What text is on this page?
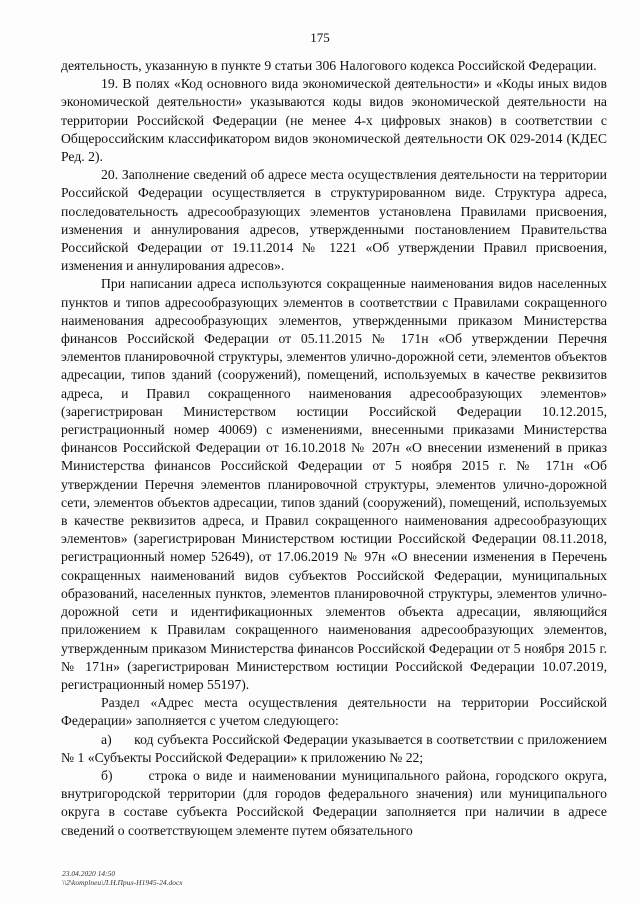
175

деятельность, указанную в пункте 9 статьи 306 Налогового кодекса Российской Федерации.

19. В полях «Код основного вида экономической деятельности» и «Коды иных видов экономической деятельности» указываются коды видов экономической деятельности на территории Российской Федерации (не менее 4-х цифровых знаков) в соответствии с Общероссийским классификатором видов экономической деятельности ОК 029-2014 (КДЕС Ред. 2).

20. Заполнение сведений об адресе места осуществления деятельности на территории Российской Федерации осуществляется в структурированном виде. Структура адреса, последовательность адресообразующих элементов установлена Правилами присвоения, изменения и аннулирования адресов, утвержденными постановлением Правительства Российской Федерации от 19.11.2014 № 1221 «Об утверждении Правил присвоения, изменения и аннулирования адресов».

При написании адреса используются сокращенные наименования видов населенных пунктов и типов адресообразующих элементов в соответствии с Правилами сокращенного наименования адресообразующих элементов, утвержденными приказом Министерства финансов Российской Федерации от 05.11.2015 № 171н «Об утверждении Перечня элементов планировочной структуры, элементов улично-дорожной сети, элементов объектов адресации, типов зданий (сооружений), помещений, используемых в качестве реквизитов адреса, и Правил сокращенного наименования адресообразующих элементов» (зарегистрирован Министерством юстиции Российской Федерации 10.12.2015, регистрационный номер 40069) с изменениями, внесенными приказами Министерства финансов Российской Федерации от 16.10.2018 № 207н «О внесении изменений в приказ Министерства финансов Российской Федерации от 5 ноября 2015 г. № 171н «Об утверждении Перечня элементов планировочной структуры, элементов улично-дорожной сети, элементов объектов адресации, типов зданий (сооружений), помещений, используемых в качестве реквизитов адреса, и Правил сокращенного наименования адресообразующих элементов» (зарегистрирован Министерством юстиции Российской Федерации 08.11.2018, регистрационный номер 52649), от 17.06.2019 № 97н «О внесении изменения в Перечень сокращенных наименований видов субъектов Российской Федерации, муниципальных образований, населенных пунктов, элементов планировочной структуры, элементов улично-дорожной сети и идентификационных элементов объекта адресации, являющийся приложением к Правилам сокращенного наименования адресообразующих элементов, утвержденным приказом Министерства финансов Российской Федерации от 5 ноября 2015 г. № 171н» (зарегистрирован Министерством юстиции Российской Федерации 10.07.2019, регистрационный номер 55197).

Раздел «Адрес места осуществления деятельности на территории Российской Федерации» заполняется с учетом следующего:

а)      код субъекта Российской Федерации указывается в соответствии с приложением № 1 «Субъекты Российской Федерации» к приложению № 22;

б)      строка о виде и наименовании муниципального района, городского округа, внутригородской территории (для городов федерального значения) или муниципального округа в составе субъекта Российской Федерации заполняется при наличии в адресе сведений о соответствующем элементе путем обязательного

23.04.2020 14:50
\\2\komplneu\Л.Н.Прил-Н1945-24.docx
